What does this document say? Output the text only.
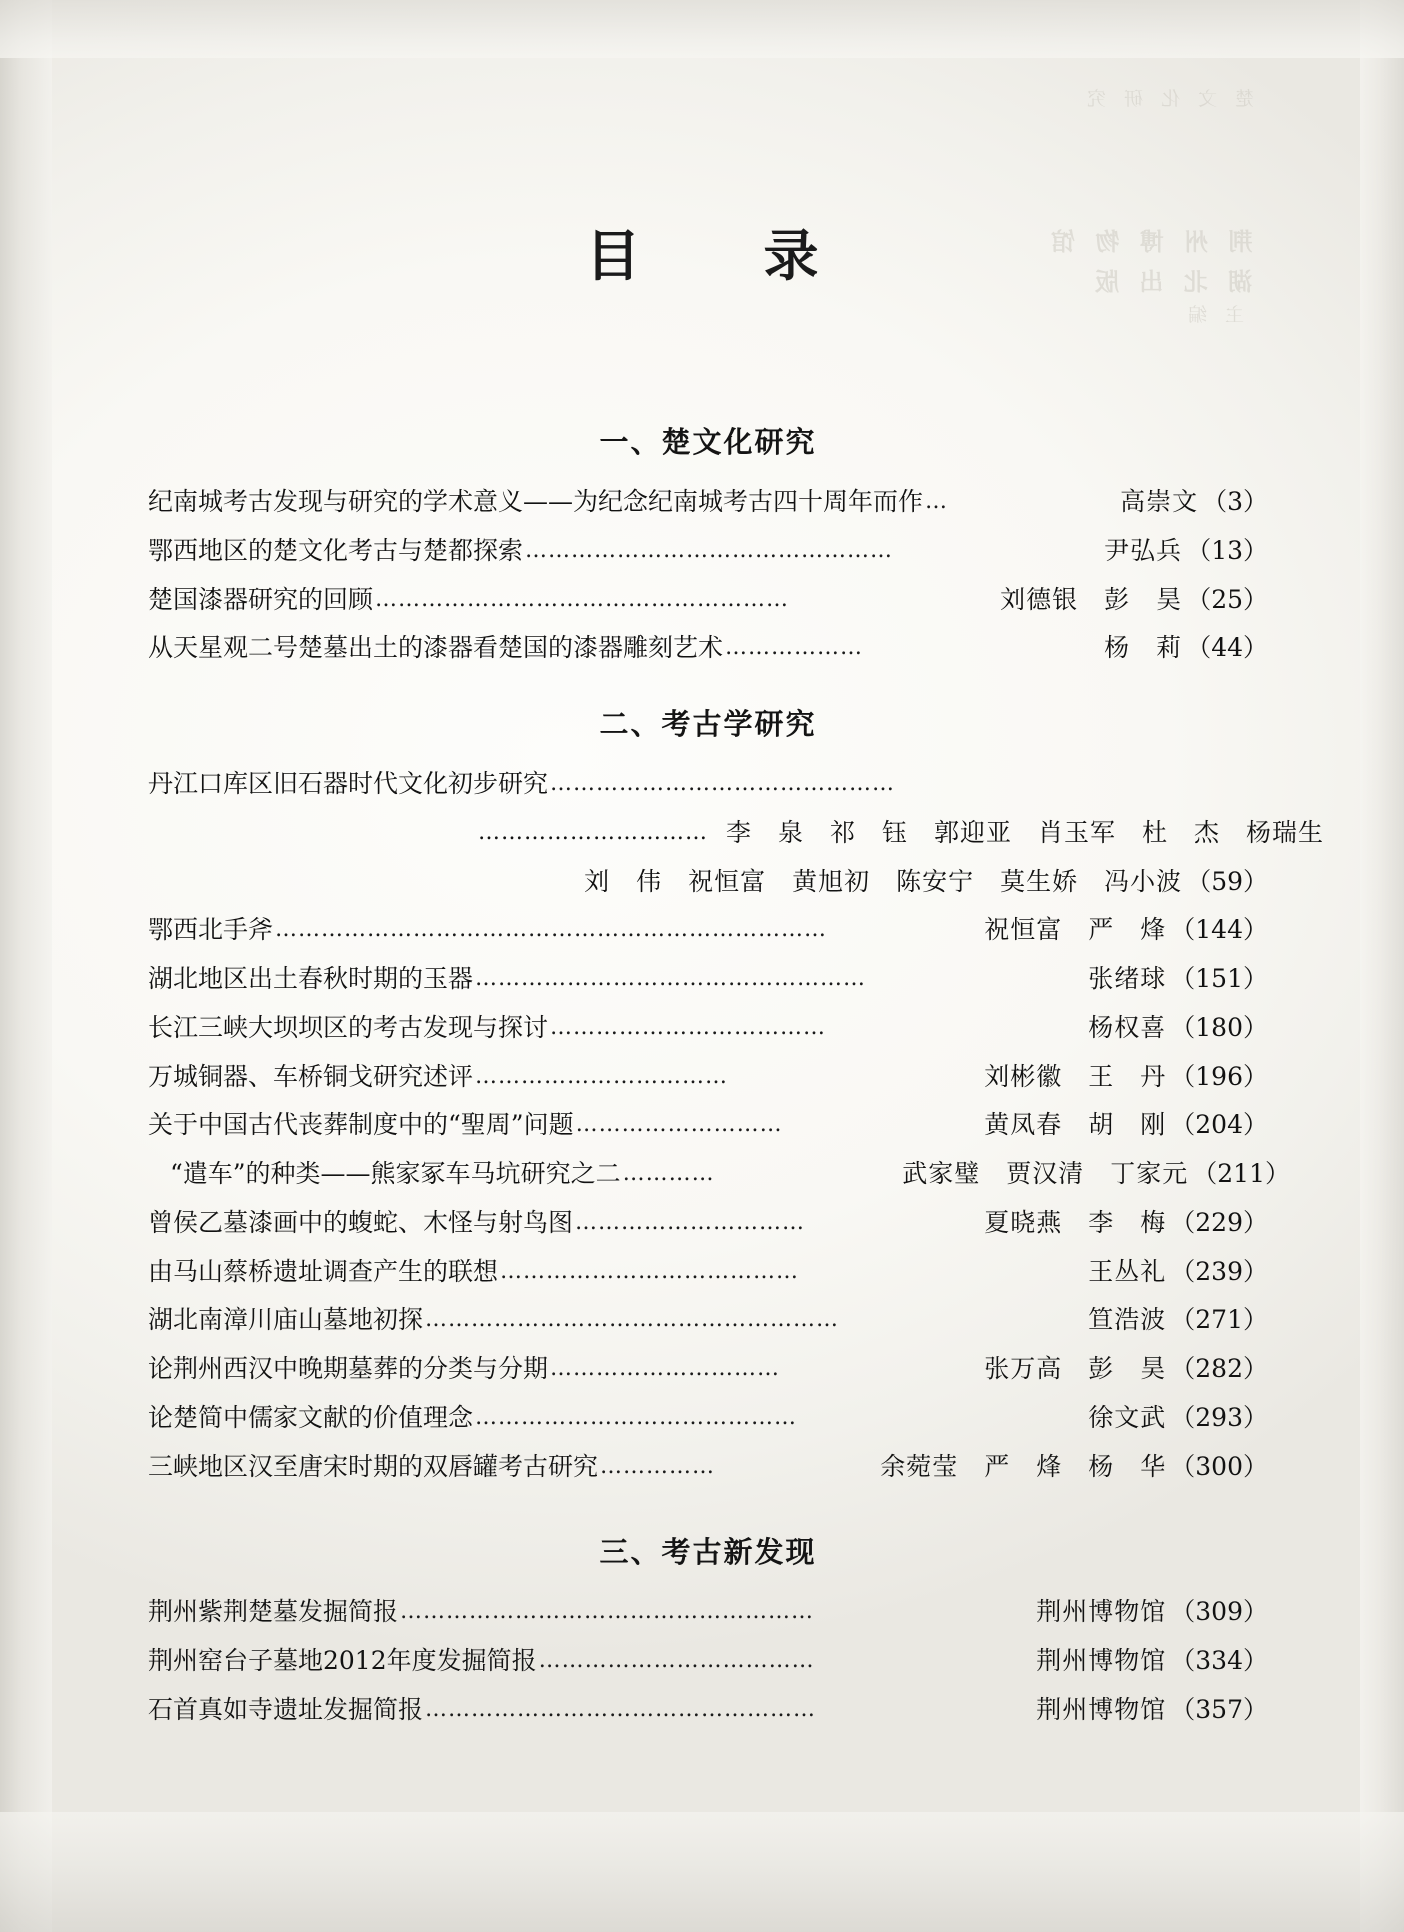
楚 文 化 研 究
荆 州 博 物 馆
湖 北 出 版
主 编
目　录
一、楚文化研究
纪南城考古发现与研究的学术意义——为纪念纪南城考古四十周年而作 …	高崇文 （3）
鄂西地区的楚文化考古与楚都探索 …………………………………………	尹弘兵 （13）
楚国漆器研究的回顾 ………………………………………………	刘德银　彭　昊 （25）
从天星观二号楚墓出土的漆器看楚国的漆器雕刻艺术 ………………	杨　莉 （44）
二、考古学研究
丹江口库区旧石器时代文化初步研究 ………………………………………
………………………… 李　泉　祁　钰　郭迎亚　肖玉军　杜　杰　杨瑞生
刘　伟　祝恒富　黄旭初　陈安宁　莫生娇　冯小波 （59）
鄂西北手斧 ………………………………………………………………	祝恒富　严　烽 （144）
湖北地区出土春秋时期的玉器 ……………………………………………	张绪球 （151）
长江三峡大坝坝区的考古发现与探讨 ………………………………	杨权喜 （180）
万城铜器、车桥铜戈研究述评 ……………………………	刘彬徽　王　丹 （196）
关于中国古代丧葬制度中的“聖周”问题 ………………………	黄凤春　胡　刚 （204）
“遣车”的种类——熊家冢车马坑研究之二 …………	武家璧　贾汉清　丁家元 （211）
曾侯乙墓漆画中的蝮蛇、木怪与射鸟图 …………………………	夏晓燕　李　梅 （229）
由马山蔡桥遗址调查产生的联想 …………………………………	王丛礼 （239）
湖北南漳川庙山墓地初探 ………………………………………………	笪浩波 （271）
论荆州西汉中晚期墓葬的分类与分期 …………………………	张万高　彭　昊 （282）
论楚简中儒家文献的价值理念 ……………………………………	徐文武 （293）
三峡地区汉至唐宋时期的双唇罐考古研究 ……………	余菀莹　严　烽　杨　华 （300）
三、考古新发现
荆州紫荆楚墓发掘简报 ………………………………………………	荆州博物馆 （309）
荆州窑台子墓地2012年度发掘简报 ………………………………	荆州博物馆 （334）
石首真如寺遗址发掘简报 ……………………………………………	荆州博物馆 （357）
